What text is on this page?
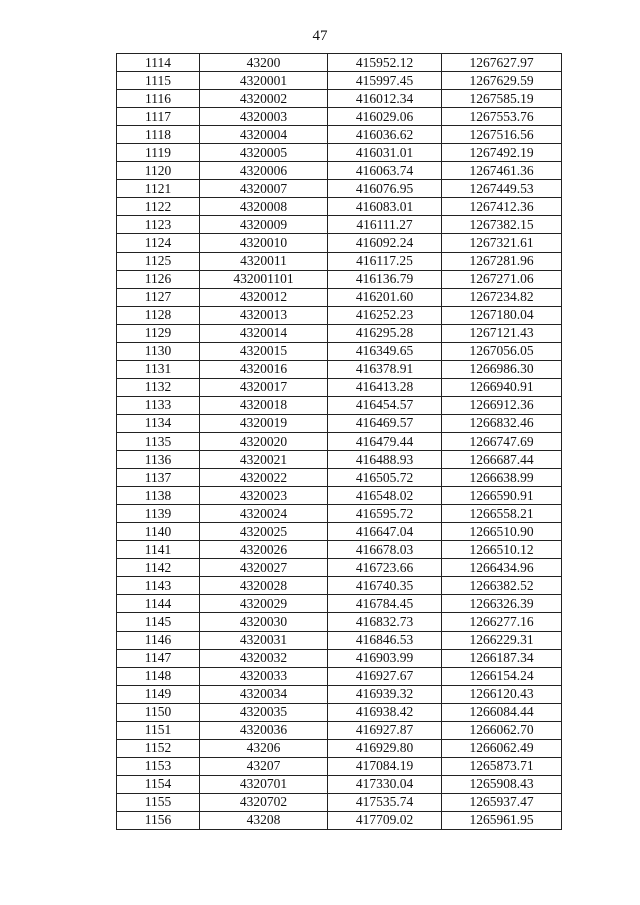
47
1114	43200	415952.12	1267627.97
1115	4320001	415997.45	1267629.59
1116	4320002	416012.34	1267585.19
1117	4320003	416029.06	1267553.76
1118	4320004	416036.62	1267516.56
1119	4320005	416031.01	1267492.19
1120	4320006	416063.74	1267461.36
1121	4320007	416076.95	1267449.53
1122	4320008	416083.01	1267412.36
1123	4320009	416111.27	1267382.15
1124	4320010	416092.24	1267321.61
1125	4320011	416117.25	1267281.96
1126	432001101	416136.79	1267271.06
1127	4320012	416201.60	1267234.82
1128	4320013	416252.23	1267180.04
1129	4320014	416295.28	1267121.43
1130	4320015	416349.65	1267056.05
1131	4320016	416378.91	1266986.30
1132	4320017	416413.28	1266940.91
1133	4320018	416454.57	1266912.36
1134	4320019	416469.57	1266832.46
1135	4320020	416479.44	1266747.69
1136	4320021	416488.93	1266687.44
1137	4320022	416505.72	1266638.99
1138	4320023	416548.02	1266590.91
1139	4320024	416595.72	1266558.21
1140	4320025	416647.04	1266510.90
1141	4320026	416678.03	1266510.12
1142	4320027	416723.66	1266434.96
1143	4320028	416740.35	1266382.52
1144	4320029	416784.45	1266326.39
1145	4320030	416832.73	1266277.16
1146	4320031	416846.53	1266229.31
1147	4320032	416903.99	1266187.34
1148	4320033	416927.67	1266154.24
1149	4320034	416939.32	1266120.43
1150	4320035	416938.42	1266084.44
1151	4320036	416927.87	1266062.70
1152	43206	416929.80	1266062.49
1153	43207	417084.19	1265873.71
1154	4320701	417330.04	1265908.43
1155	4320702	417535.74	1265937.47
1156	43208	417709.02	1265961.95
